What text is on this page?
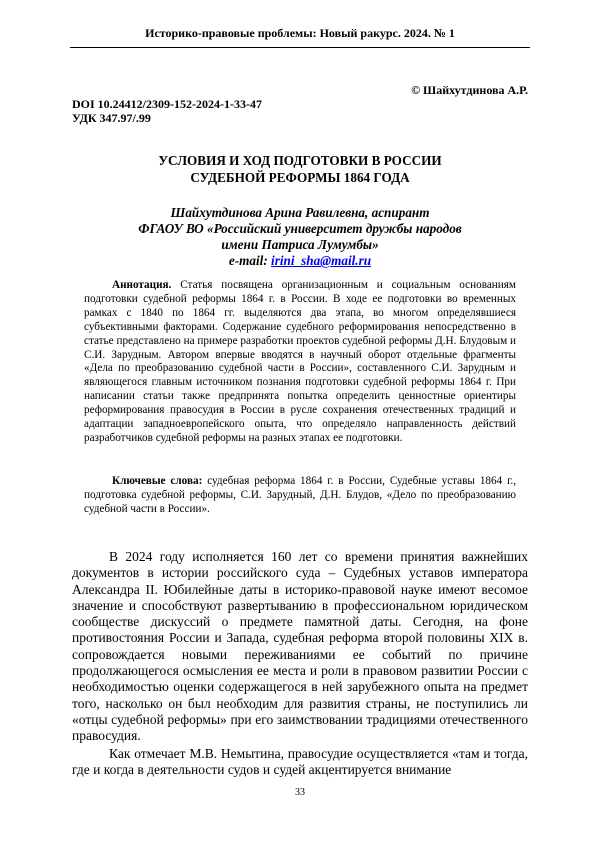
Историко-правовые проблемы: Новый ракурс. 2024. № 1
© Шайхутдинова А.Р.
DOI 10.24412/2309-152-2024-1-33-47
УДК 347.97/.99
УСЛОВИЯ И ХОД ПОДГОТОВКИ В РОССИИ
СУДЕБНОЙ РЕФОРМЫ 1864 ГОДА
Шайхутдинова Арина Равилевна, аспирант
ФГАОУ ВО «Российский университет дружбы народов
имени Патриса Лумумбы»
e-mail: irini_sha@mail.ru
Аннотация. Статья посвящена организационным и социальным основаниям подготовки судебной реформы 1864 г. в России. В ходе ее подготовки во временных рамках с 1840 по 1864 гг. выделяются два этапа, во многом определявшиеся субъективными факторами. Содержание судебного реформирования непосредственно в статье представлено на примере разработки проектов судебной реформы Д.Н. Блудовым и С.И. Зарудным. Автором впервые вводятся в научный оборот отдельные фрагменты «Дела по преобразованию судебной части в России», составленного С.И. Зарудным и являющегося главным источником познания подготовки судебной реформы 1864 г. При написании статьи также предпринята попытка определить ценностные ориентиры реформирования правосудия в России в русле сохранения отечественных традиций и адаптации западноевропейского опыта, что определяло направленность действий разработчиков судебной реформы на разных этапах ее подготовки.
Ключевые слова: судебная реформа 1864 г. в России, Судебные уставы 1864 г., подготовка судебной реформы, С.И. Зарудный, Д.Н. Блудов, «Дело по преобразованию судебной части в России».

В 2024 году исполняется 160 лет со времени принятия важнейших документов в истории российского суда – Судебных уставов императора Александра II. Юбилейные даты в историко-правовой науке имеют весомое значение и способствуют развертыванию в профессиональном юридическом сообществе дискуссий о предмете памятной даты. Сегодня, на фоне противостояния России и Запада, судебная реформа второй половины XIX в. сопровождается новыми переживаниями ее событий по причине продолжающегося осмысления ее места и роли в правовом развитии России с необходимостью оценки содержащегося в ней зарубежного опыта на предмет того, насколько он был необходим для развития страны, не поступились ли «отцы судебной реформы» при его заимствовании традициями отечественного правосудия.

Как отмечает М.В. Немытина, правосудие осуществляется «там и тогда, где и когда в деятельности судов и судей акцентируется внимание

33
